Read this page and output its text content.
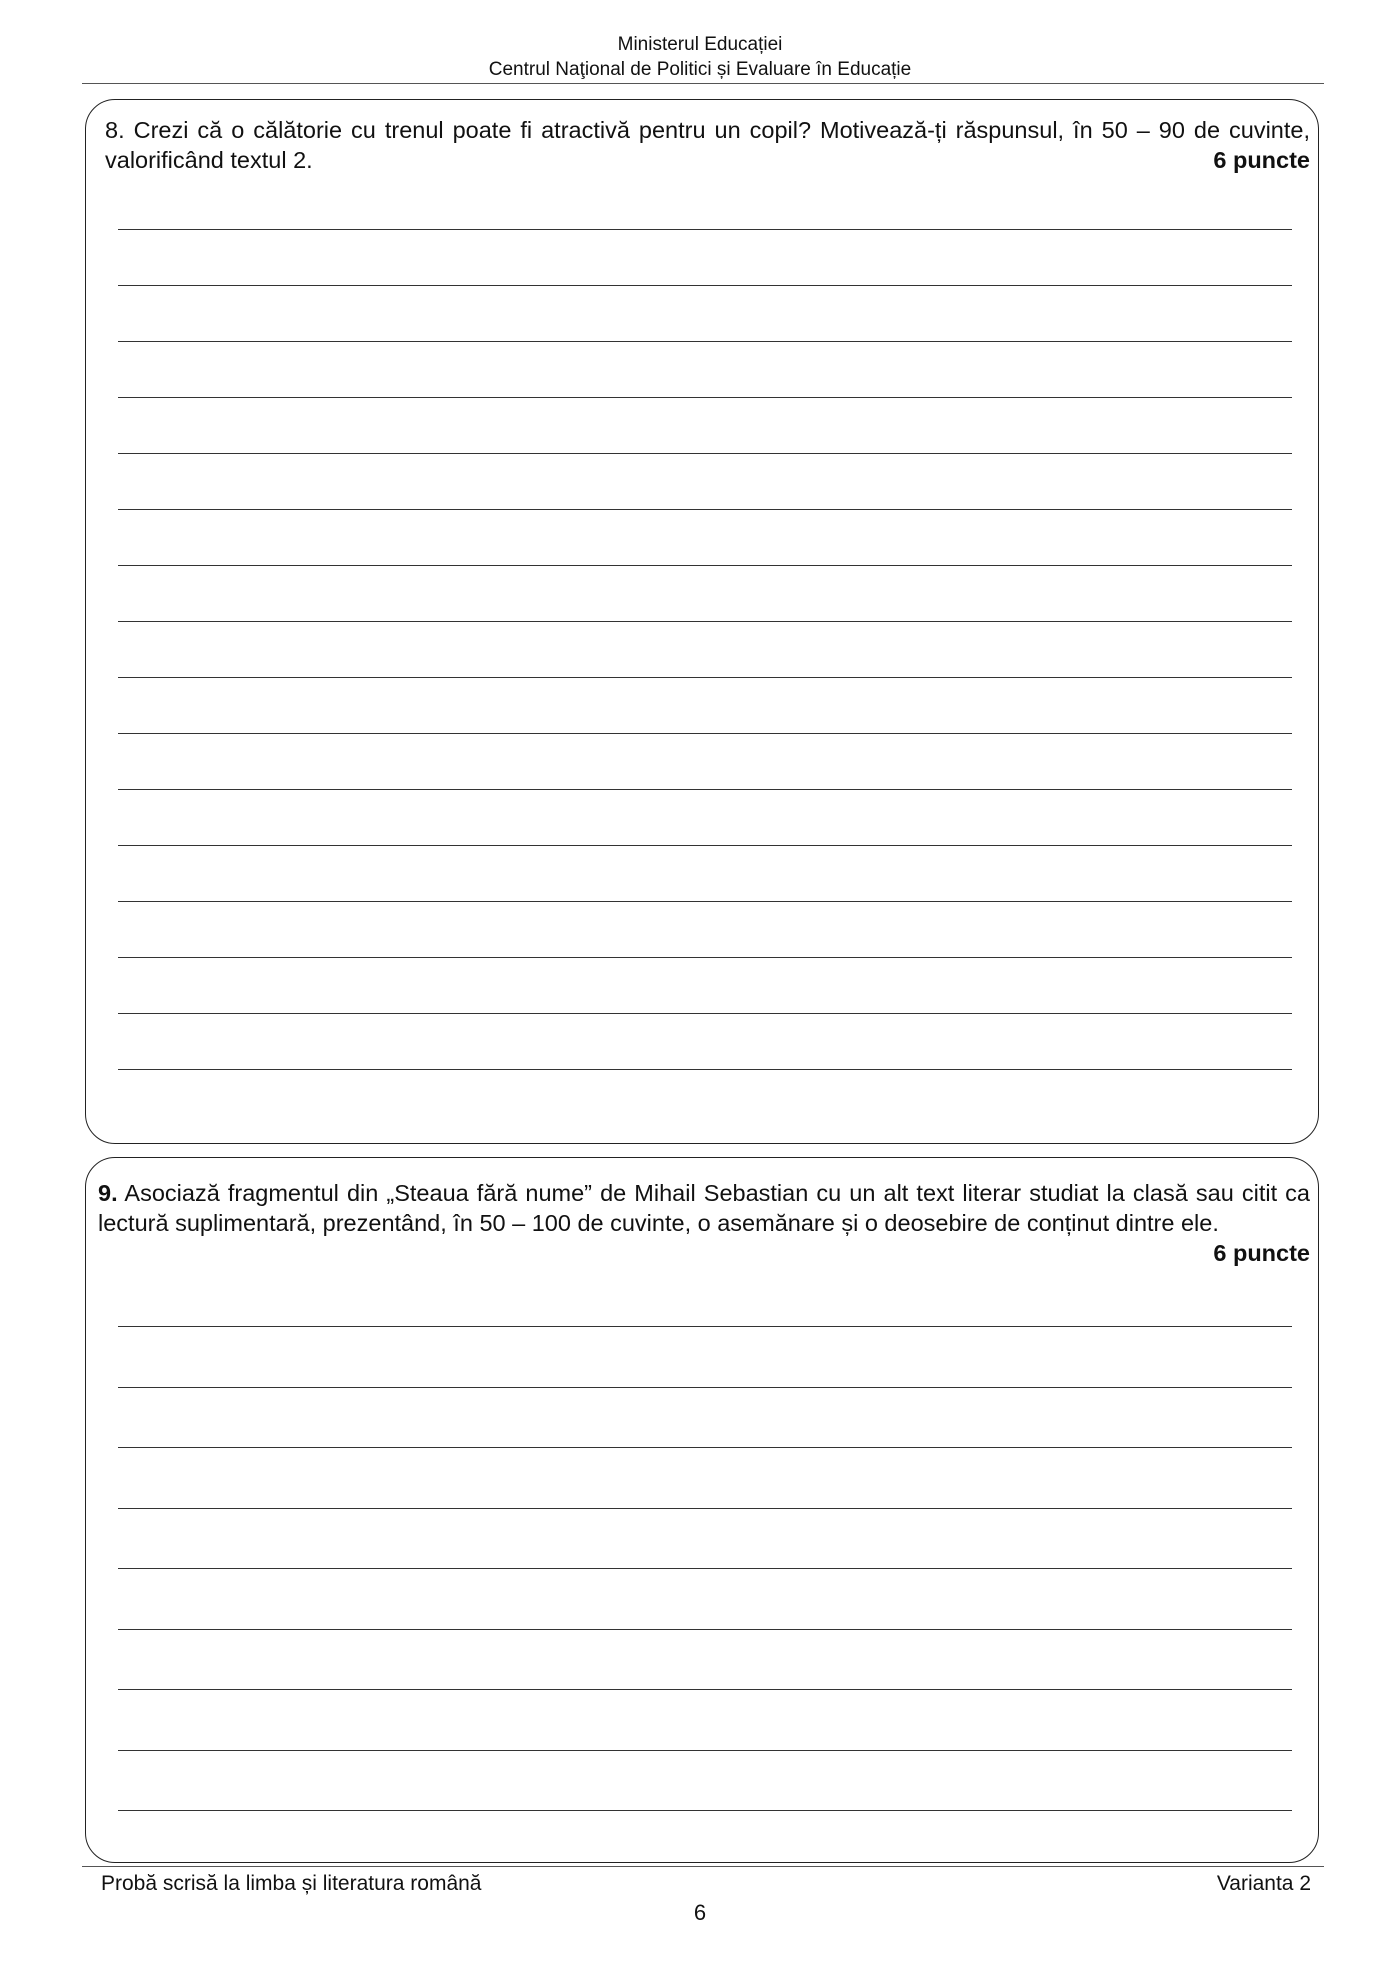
Ministerul Educației
Centrul Naţional de Politici și Evaluare în Educație
8. Crezi că o călătorie cu trenul poate fi atractivă pentru un copil? Motivează-ți răspunsul, în 50 – 90 de cuvinte, valorificând textul 2.	6 puncte
9. Asociază fragmentul din „Steaua fără nume” de Mihail Sebastian cu un alt text literar studiat la clasă sau citit ca lectură suplimentară, prezentând, în 50 – 100 de cuvinte, o asemănare și o deosebire de conținut dintre ele.
6 puncte
Probă scrisă la limba și literatura română	Varianta 2
6
